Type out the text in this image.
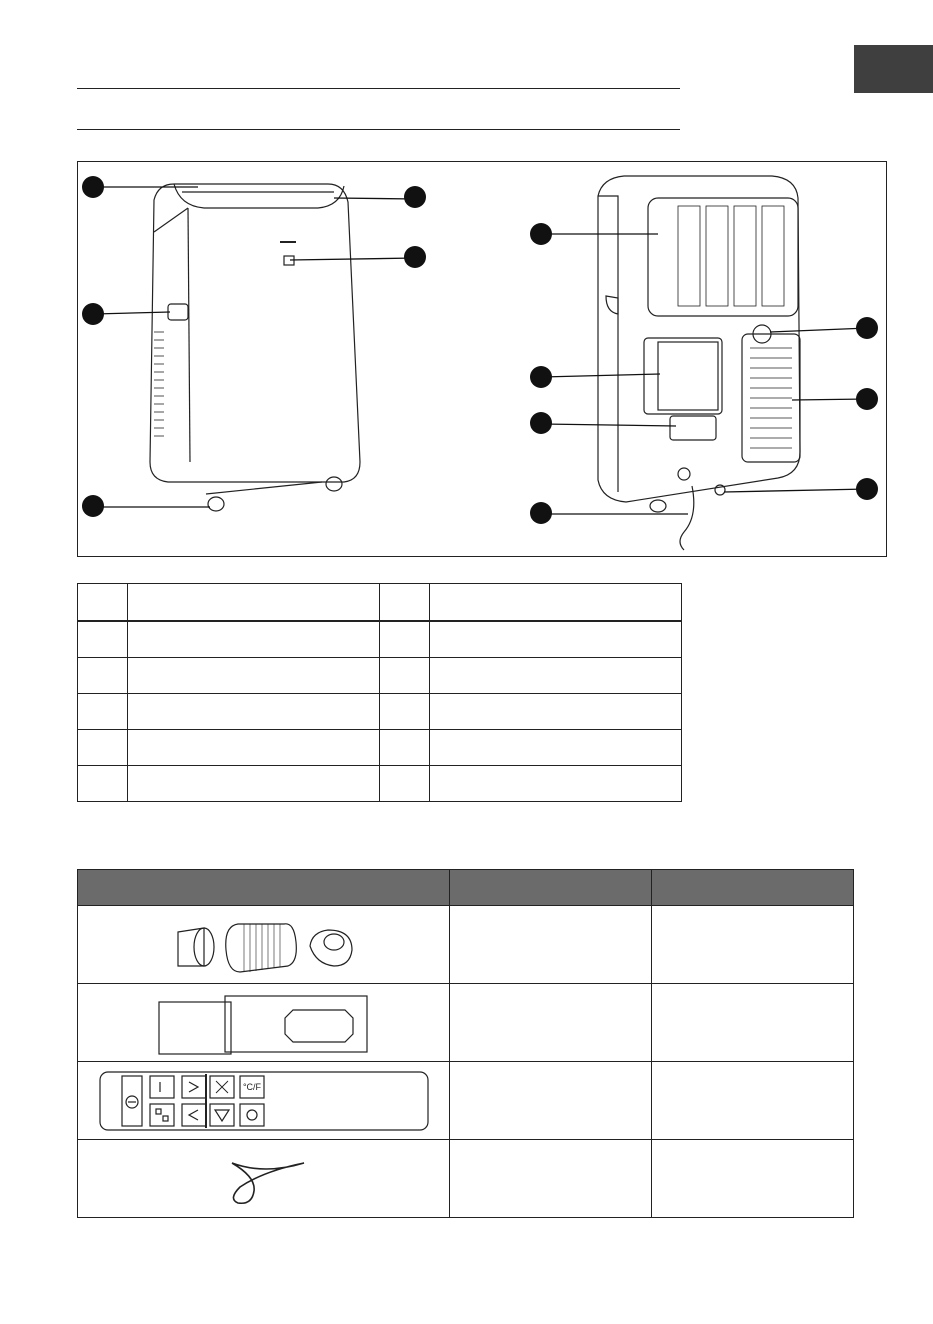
°C/F		
